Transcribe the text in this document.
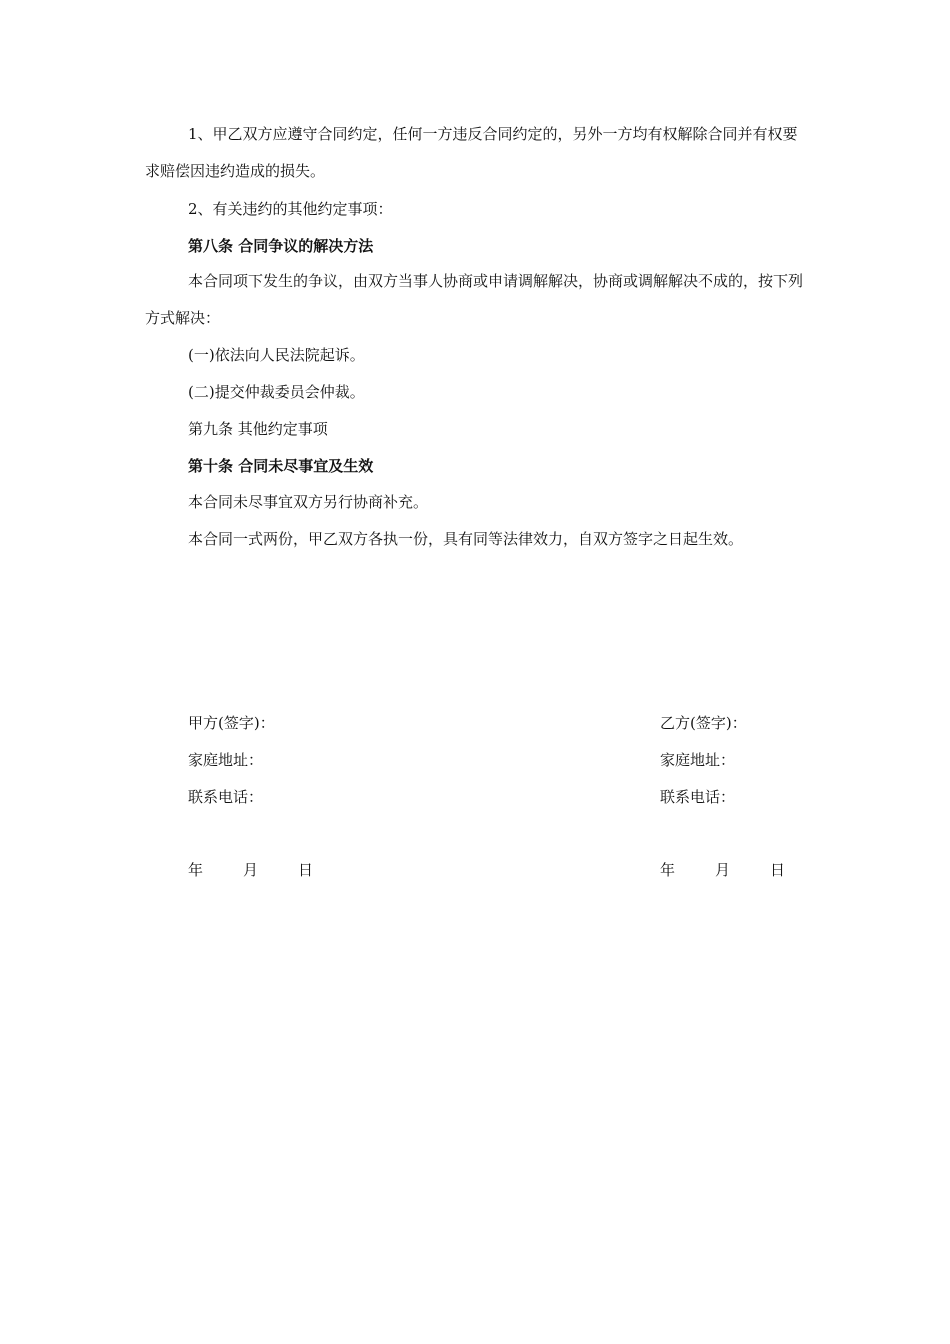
1、甲乙双方应遵守合同约定，任何一方违反合同约定的，另外一方均有权解除合同并有权要求赔偿因违约造成的损失。

2、有关违约的其他约定事项：

第八条 合同争议的解决方法

本合同项下发生的争议，由双方当事人协商或申请调解解决，协商或调解解决不成的，按下列方式解决：

(一)依法向人民法院起诉。

(二)提交仲裁委员会仲裁。

第九条 其他约定事项

第十条 合同未尽事宜及生效

本合同未尽事宜双方另行协商补充。

本合同一式两份，甲乙双方各执一份，具有同等法律效力，自双方签字之日起生效。

甲方(签字)：
家庭地址：
联系电话：
年	月	日
乙方(签字)：
家庭地址：
联系电话：
年	月	日
